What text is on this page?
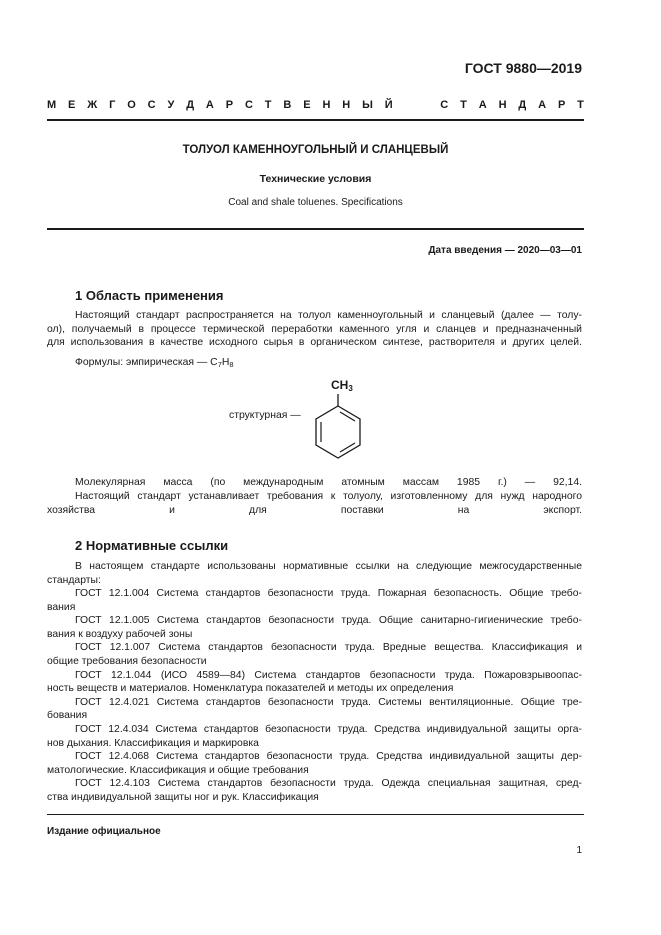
ГОСТ 9880—2019
М Е Ж Г О С У Д А Р С Т В Е Н Н Ы Й	С Т А Н Д А Р Т
ТОЛУОЛ КАМЕННОУГОЛЬНЫЙ И СЛАНЦЕВЫЙ
Технические условия
Coal and shale toluenes. Specifications
Дата введения — 2020—03—01
1 Область применения
Настоящий стандарт распространяется на толуол каменноугольный и сланцевый (далее — толу-
ол), получаемый в процессе термической переработки каменного угля и сланцев и предназначенный
для использования в качестве исходного сырья в органическом синтезе, растворителя и других целей.
Формулы: эмпирическая — $C_7H_8$
структурная —
$CH_3$
Молекулярная масса (по международным атомным массам 1985 г.) — 92,14.
Настоящий стандарт устанавливает требования к толуолу, изготовленному для нужд народного
хозяйства и для поставки на экспорт.
2 Нормативные ссылки
В настоящем стандарте использованы нормативные ссылки на следующие межгосударственные
стандарты:
ГОСТ 12.1.004 Система стандартов безопасности труда. Пожарная безопасность. Общие требо-
вания
ГОСТ 12.1.005 Система стандартов безопасности труда. Общие санитарно-гигиенические требо-
вания к воздуху рабочей зоны
ГОСТ 12.1.007 Система стандартов безопасности труда. Вредные вещества. Классификация и
общие требования безопасности
ГОСТ 12.1.044 (ИСО 4589—84) Система стандартов безопасности труда. Пожаровзрывоопас-
ность веществ и материалов. Номенклатура показателей и методы их определения
ГОСТ 12.4.021 Система стандартов безопасности труда. Системы вентиляционные. Общие тре-
бования
ГОСТ 12.4.034 Система стандартов безопасности труда. Средства индивидуальной защиты орга-
нов дыхания. Классификация и маркировка
ГОСТ 12.4.068 Система стандартов безопасности труда. Средства индивидуальной защиты дер-
матологические. Классификация и общие требования
ГОСТ 12.4.103 Система стандартов безопасности труда. Одежда специальная защитная, сред-
ства индивидуальной защиты ног и рук. Классификация
Издание официальное
1
